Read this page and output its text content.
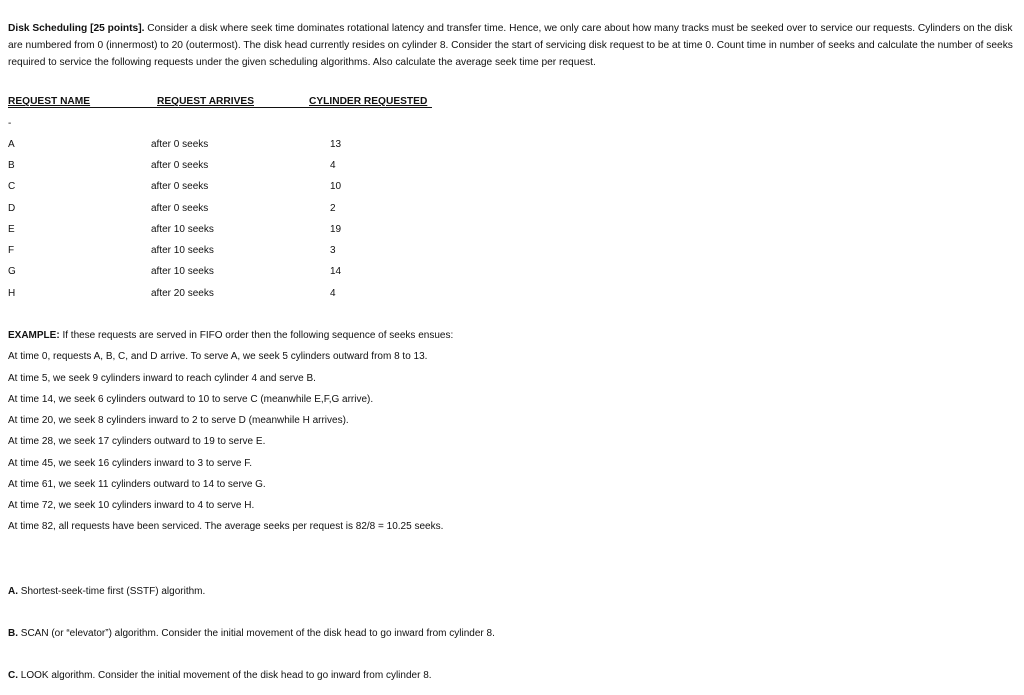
Disk Scheduling [25 points]. Consider a disk where seek time dominates rotational latency and transfer time. Hence, we only care about how many tracks must be seeked over to service our requests. Cylinders on the disk are numbered from 0 (innermost) to 20 (outermost). The disk head currently resides on cylinder 8. Consider the start of servicing disk request to be at time 0. Count time in number of seeks and calculate the number of seeks required to service the following requests under the given scheduling algorithms. Also calculate the average seek time per request.
REQUEST NAME	REQUEST ARRIVES	CYLINDER REQUESTED
-
A	after 0 seeks	13
B	after 0 seeks	4
C	after 0 seeks	10
D	after 0 seeks	2
E	after 10 seeks	19
F	after 10 seeks	3
G	after 10 seeks	14
H	after 20 seeks	4
EXAMPLE: If these requests are served in FIFO order then the following sequence of seeks ensues:
At time 0, requests A, B, C, and D arrive. To serve A, we seek 5 cylinders outward from 8 to 13.
At time 5, we seek 9 cylinders inward to reach cylinder 4 and serve B.
At time 14, we seek 6 cylinders outward to 10 to serve C (meanwhile E,F,G arrive).
At time 20, we seek 8 cylinders inward to 2 to serve D (meanwhile H arrives).
At time 28, we seek 17 cylinders outward to 19 to serve E.
At time 45, we seek 16 cylinders inward to 3 to serve F.
At time 61, we seek 11 cylinders outward to 14 to serve G.
At time 72, we seek 10 cylinders inward to 4 to serve H.
At time 82, all requests have been serviced. The average seeks per request is 82/8 = 10.25 seeks.
A. Shortest-seek-time first (SSTF) algorithm.
B. SCAN (or “elevator”) algorithm. Consider the initial movement of the disk head to go inward from cylinder 8.
C. LOOK algorithm. Consider the initial movement of the disk head to go inward from cylinder 8.
